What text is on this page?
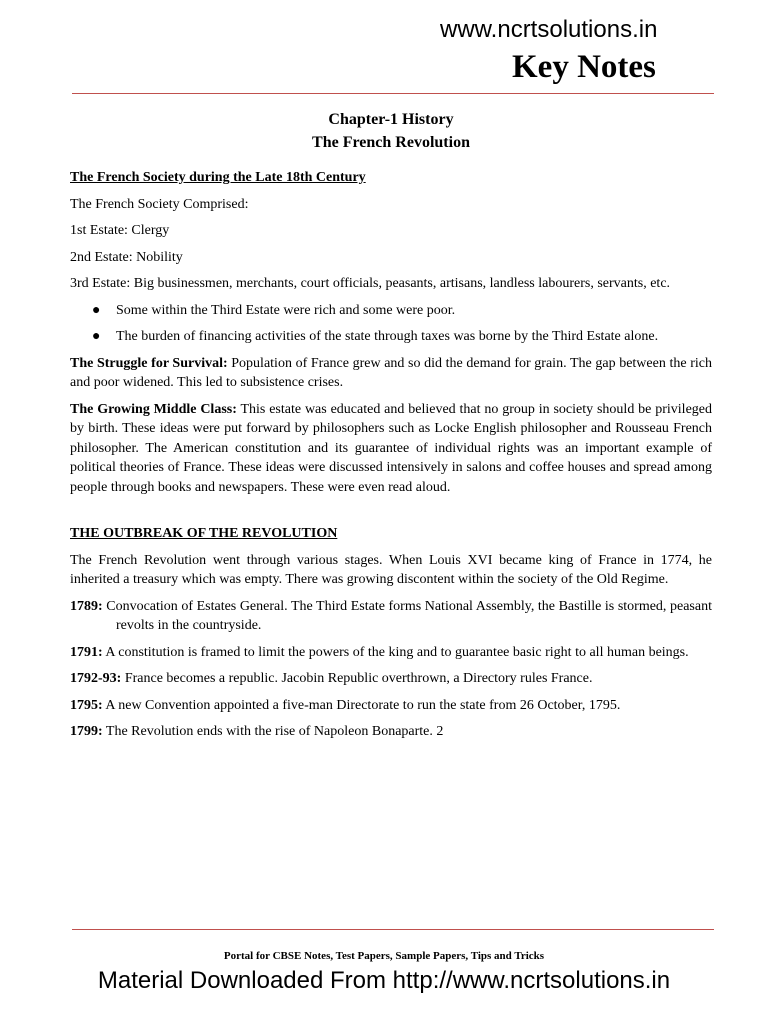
www.ncrtsolutions.in
Key Notes
Chapter-1 History
The French Revolution

The French Society during the Late 18th Century

The French Society Comprised:

1st Estate: Clergy

2nd Estate: Nobility

3rd Estate: Big businessmen, merchants, court officials, peasants, artisans, landless labourers, servants, etc.

● Some within the Third Estate were rich and some were poor.
● The burden of financing activities of the state through taxes was borne by the Third Estate alone.

The Struggle for Survival: Population of France grew and so did the demand for grain. The gap between the rich and poor widened. This led to subsistence crises.

The Growing Middle Class: This estate was educated and believed that no group in society should be privileged by birth. These ideas were put forward by philosophers such as Locke English philosopher and Rousseau French philosopher. The American constitution and its guarantee of individual rights was an important example of political theories of France. These ideas were discussed intensively in salons and coffee houses and spread among people through books and newspapers. These were even read aloud.

THE OUTBREAK OF THE REVOLUTION

The French Revolution went through various stages. When Louis XVI became king of France in 1774, he inherited a treasury which was empty. There was growing discontent within the society of the Old Regime.

1789: Convocation of Estates General. The Third Estate forms National Assembly, the Bastille is stormed, peasant revolts in the countryside.

1791: A constitution is framed to limit the powers of the king and to guarantee basic right to all human beings.

1792-93: France becomes a republic. Jacobin Republic overthrown, a Directory rules France.

1795: A new Convention appointed a five-man Directorate to run the state from 26 October, 1795.

1799: The Revolution ends with the rise of Napoleon Bonaparte. 2

Portal for CBSE Notes, Test Papers, Sample Papers, Tips and Tricks
Material Downloaded From http://www.ncrtsolutions.in
